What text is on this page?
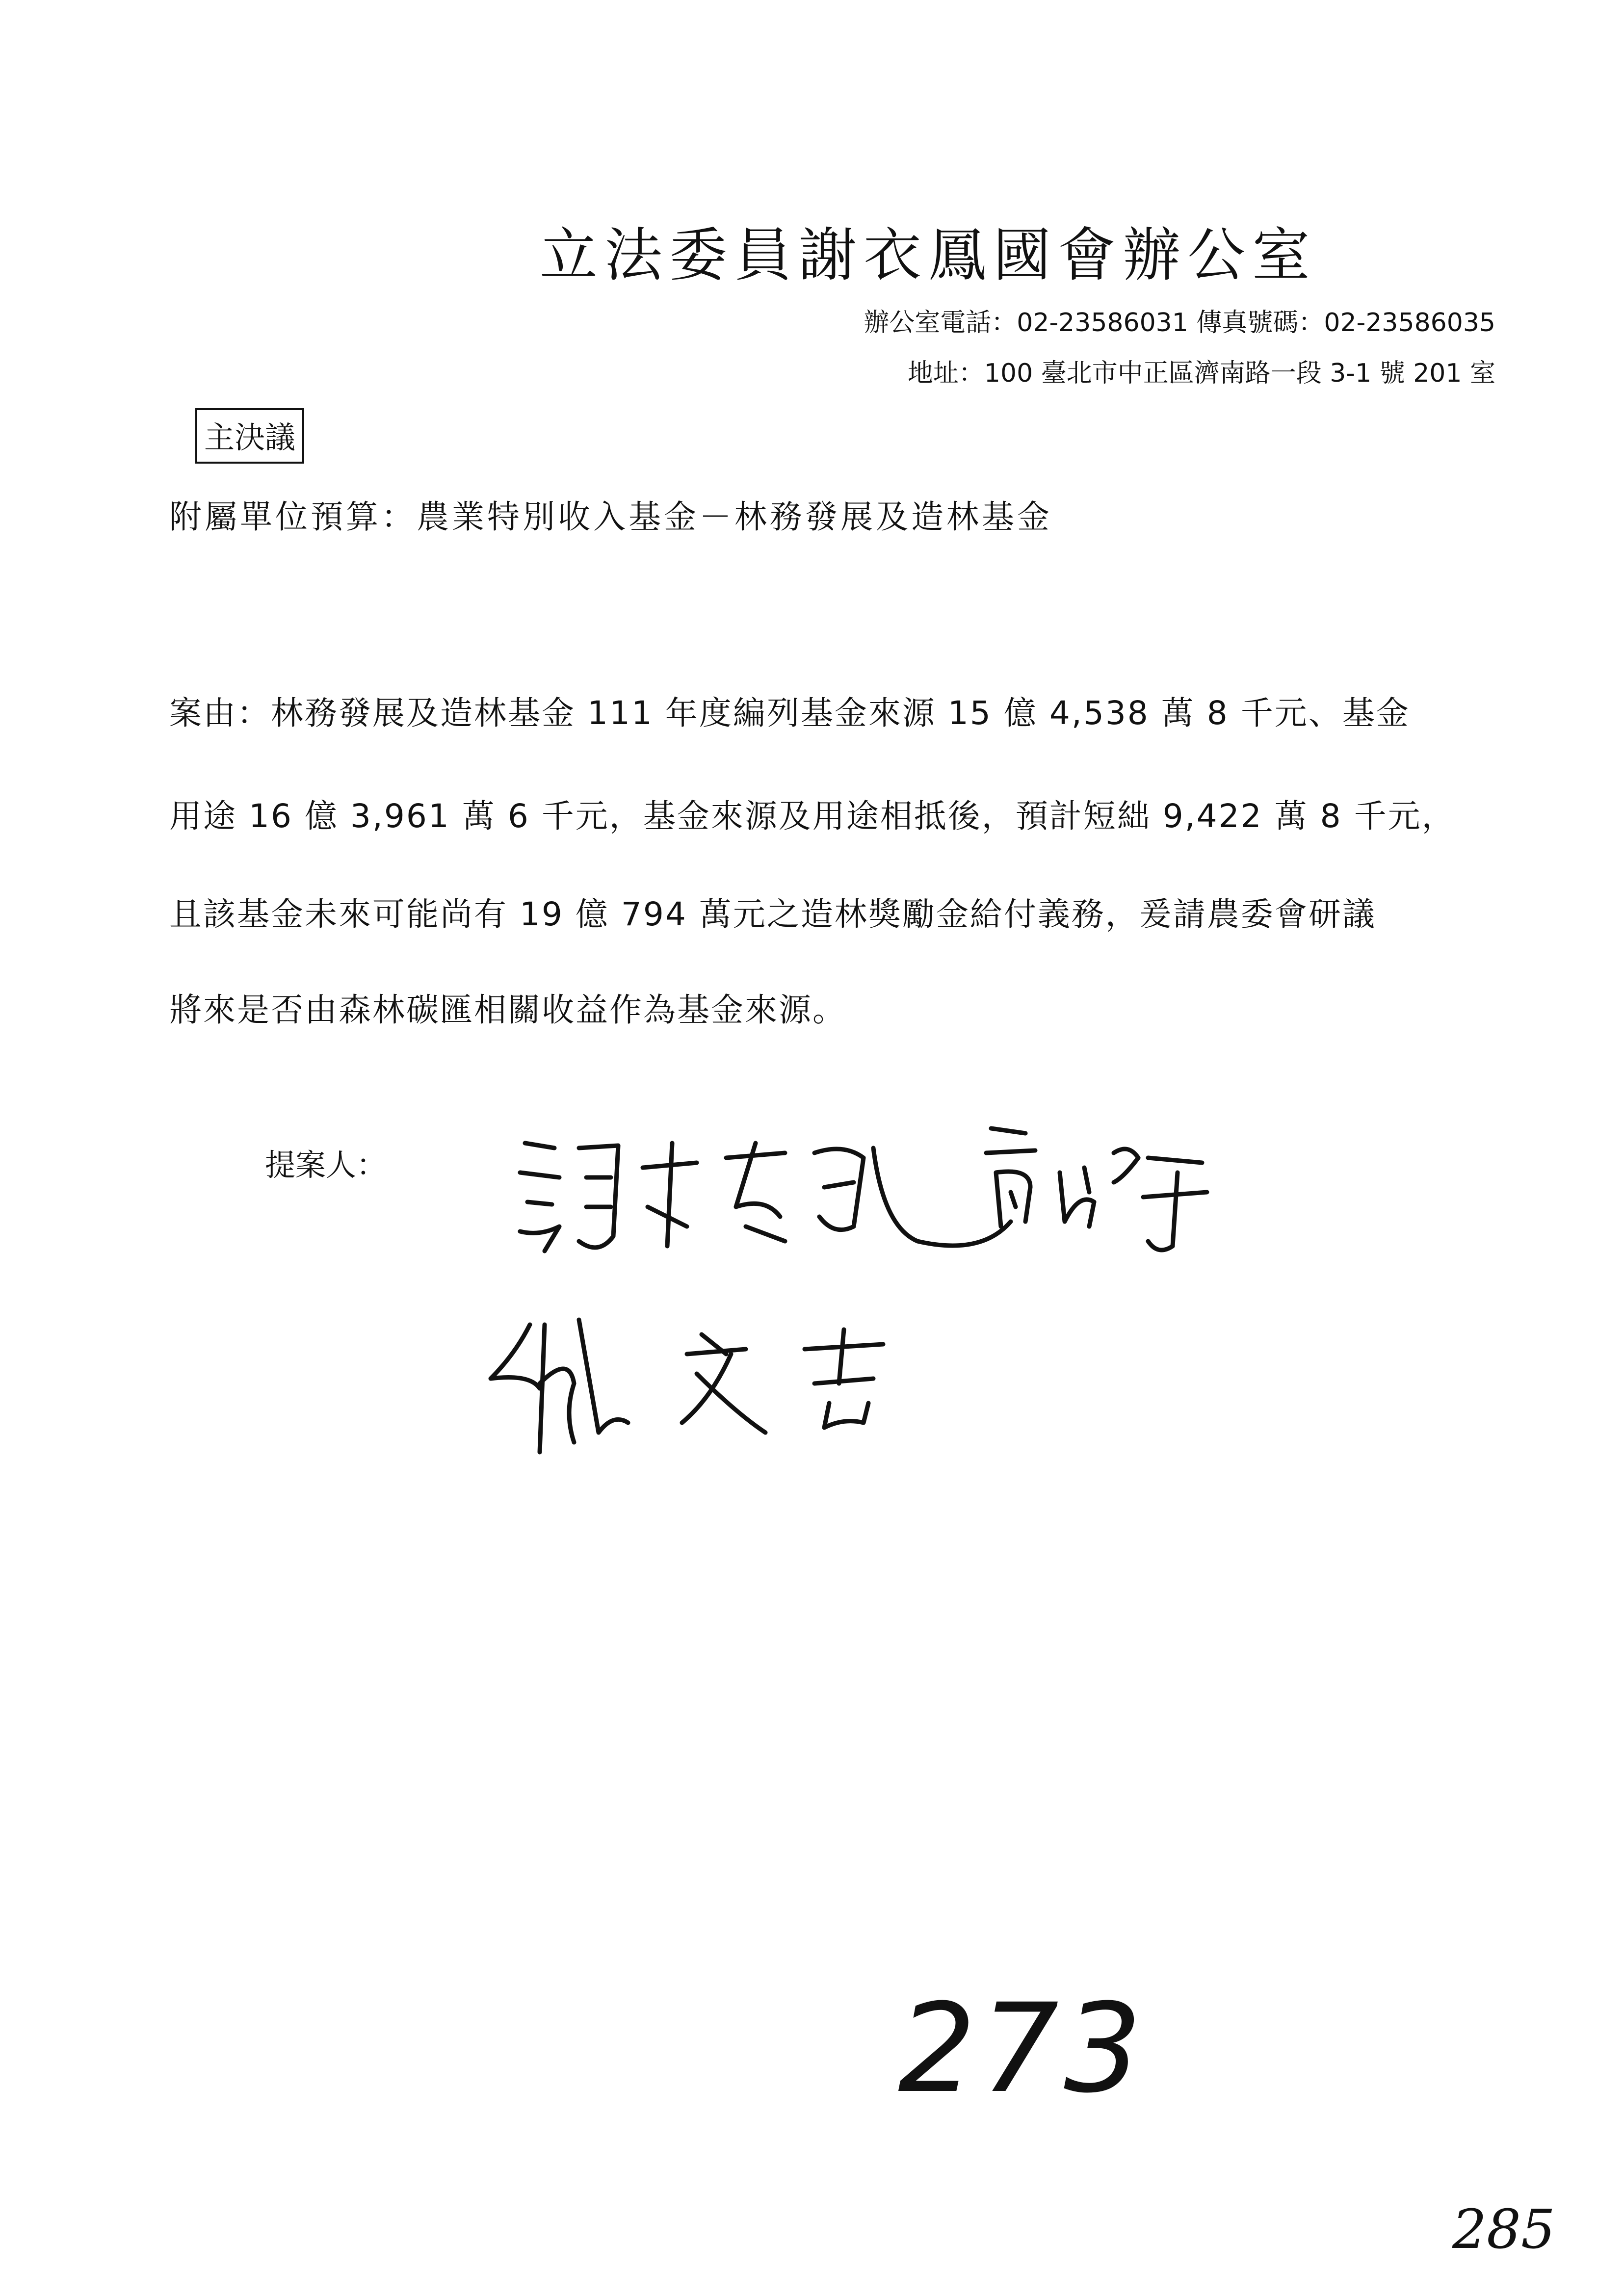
立法委員謝衣鳳國會辦公室
辦公室電話：02-23586031 傳真號碼：02-23586035
地址：100 臺北市中正區濟南路一段 3-1 號 201 室
主決議
附屬單位預算：農業特別收入基金－林務發展及造林基金
案由：林務發展及造林基金 111 年度編列基金來源 15 億 4,538 萬 8 千元、基金
用途 16 億 3,961 萬 6 千元，基金來源及用途相抵後，預計短絀 9,422 萬 8 千元，
且該基金未來可能尚有 19 億 794 萬元之造林獎勵金給付義務，爰請農委會研議
將來是否由森林碳匯相關收益作為基金來源。
提案人：
273
285
